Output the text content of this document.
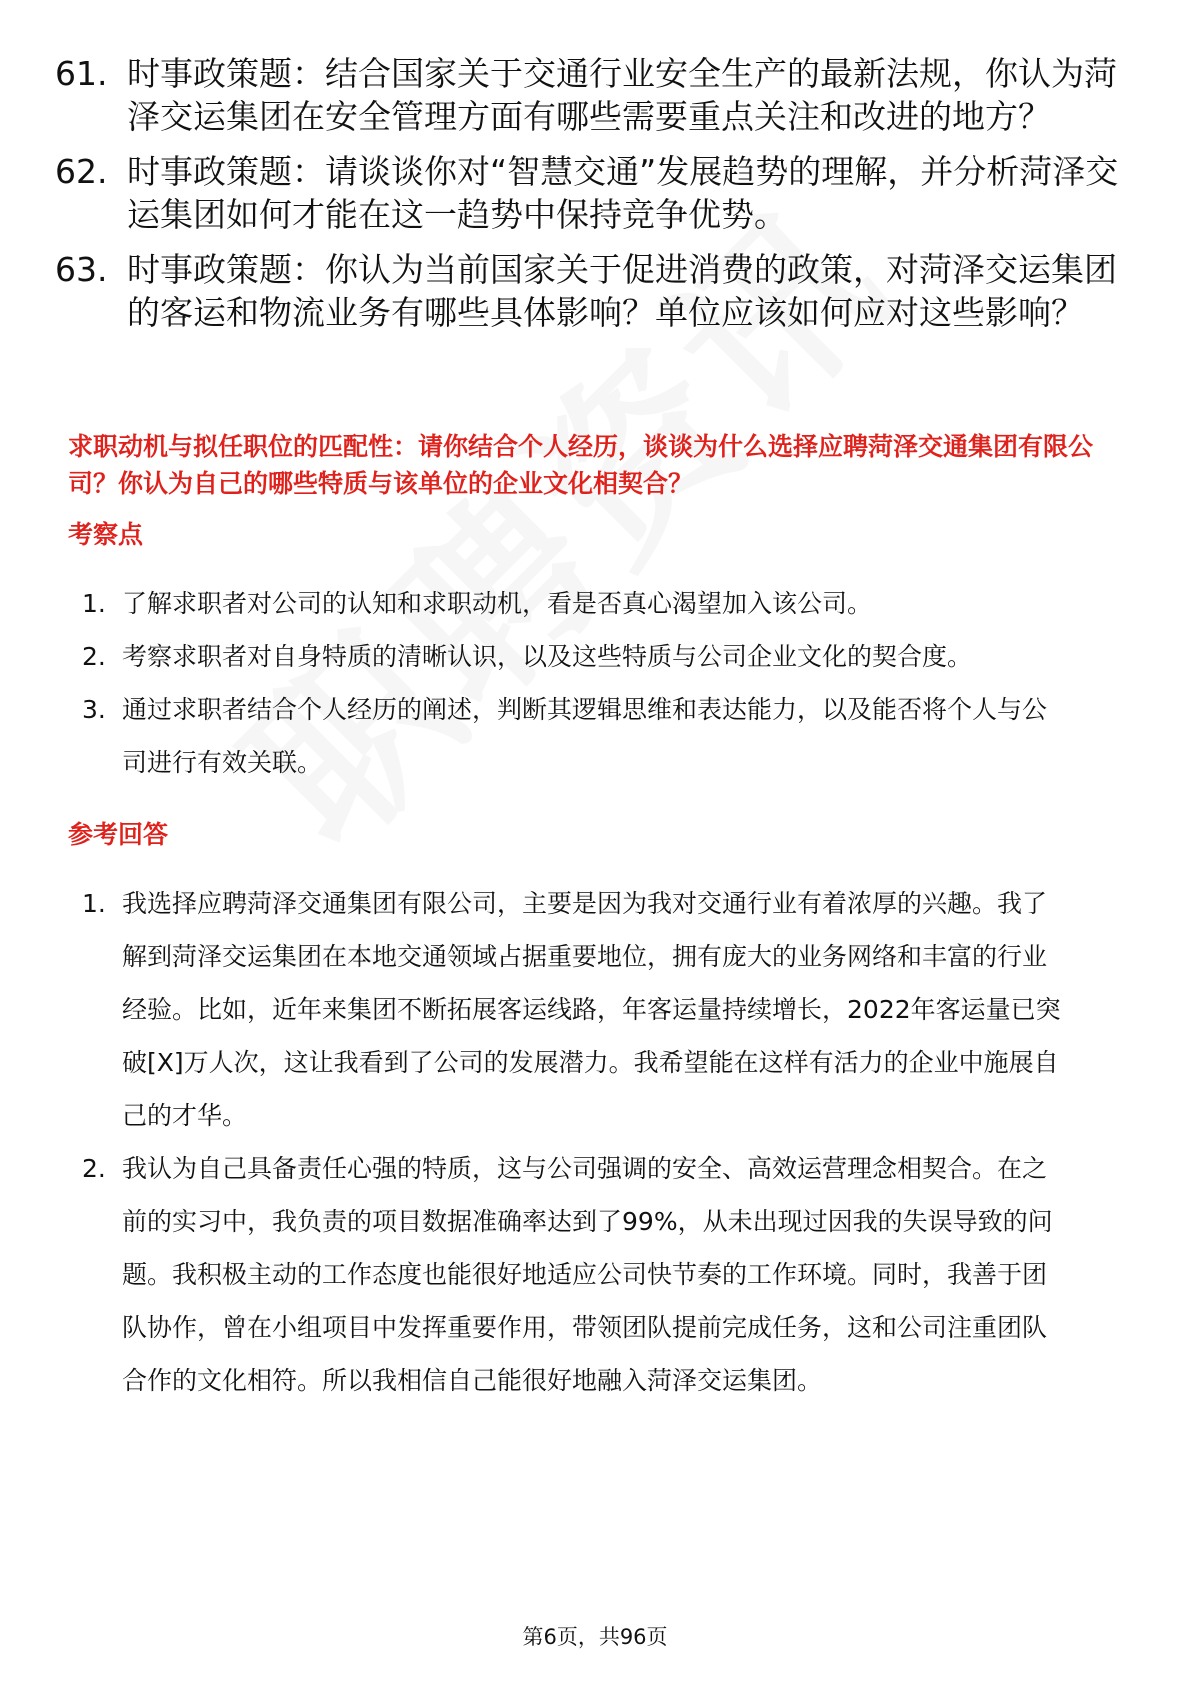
61. 时事政策题：结合国家关于交通行业安全生产的最新法规，你认为菏泽交运集团在安全管理方面有哪些需要重点关注和改进的地方？
62. 时事政策题：请谈谈你对“智慧交通”发展趋势的理解，并分析菏泽交运集团如何才能在这一趋势中保持竞争优势。
63. 时事政策题：你认为当前国家关于促进消费的政策，对菏泽交运集团的客运和物流业务有哪些具体影响？单位应该如何应对这些影响？
求职动机与拟任职位的匹配性：请你结合个人经历，谈谈为什么选择应聘菏泽交通集团有限公司？你认为自己的哪些特质与该单位的企业文化相契合？
考察点
1. 了解求职者对公司的认知和求职动机，看是否真心渴望加入该公司。
2. 考察求职者对自身特质的清晰认识，以及这些特质与公司企业文化的契合度。
3. 通过求职者结合个人经历的阐述，判断其逻辑思维和表达能力，以及能否将个人与公司进行有效关联。
参考回答
1. 我选择应聘菏泽交通集团有限公司，主要是因为我对交通行业有着浓厚的兴趣。我了解到菏泽交运集团在本地交通领域占据重要地位，拥有庞大的业务网络和丰富的行业经验。比如，近年来集团不断拓展客运线路，年客运量持续增长，2022年客运量已突破[X]万人次，这让我看到了公司的发展潜力。我希望能在这样有活力的企业中施展自己的才华。
2. 我认为自己具备责任心强的特质，这与公司强调的安全、高效运营理念相契合。在之前的实习中，我负责的项目数据准确率达到了99%，从未出现过因我的失误导致的问题。我积极主动的工作态度也能很好地适应公司快节奏的工作环境。同时，我善于团队协作，曾在小组项目中发挥重要作用，带领团队提前完成任务，这和公司注重团队合作的文化相符。所以我相信自己能很好地融入菏泽交运集团。
第6页，共96页
